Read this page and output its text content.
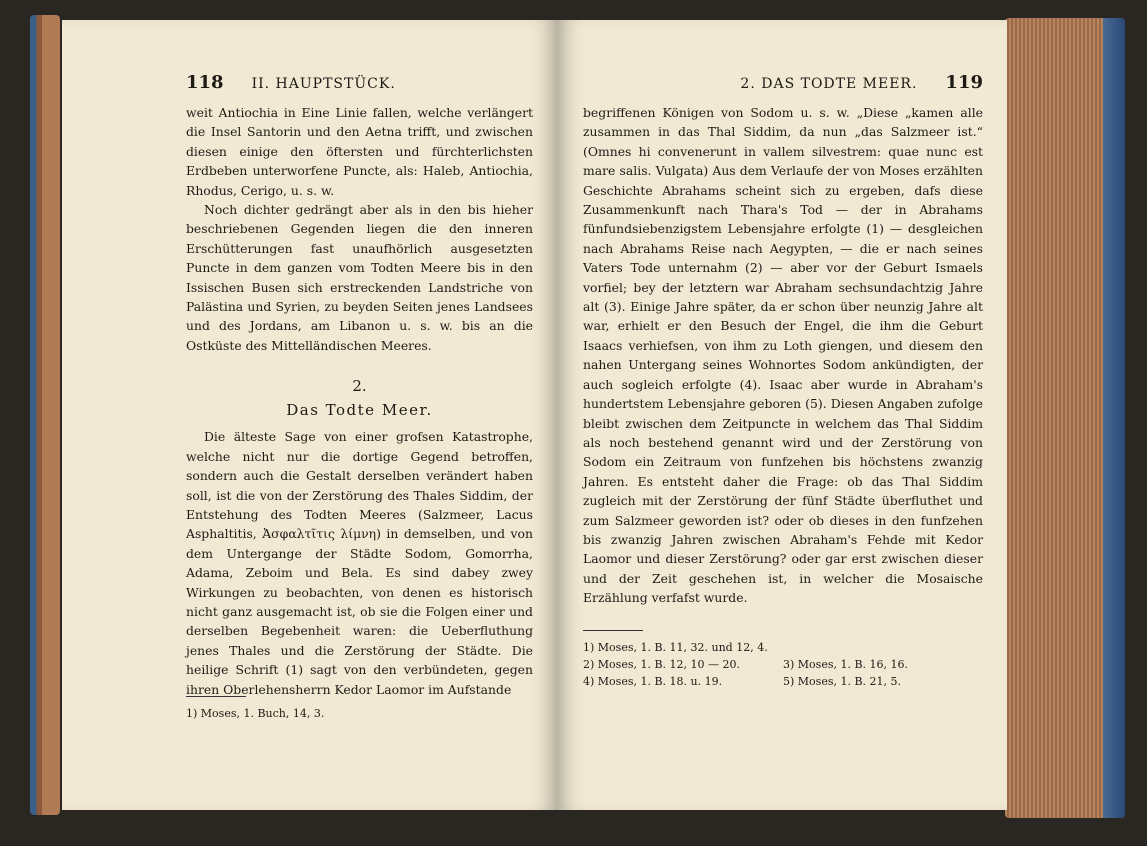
118 II. HAUPTSTÜCK.

weit Antiochia in Eine Linie fallen, welche verlängert die Insel Santorin und den Aetna trifft, und zwischen diesen einige den öftersten und fürchterlichsten Erdbeben unterworfene Puncte, als: Haleb, Antiochia, Rhodus, Cerigo, u. s. w.

Noch dichter gedrängt aber als in den bis hieher beschriebenen Gegenden liegen die den inneren Erschütterungen fast unaufhörlich ausgesetzten Puncte in dem ganzen vom Todten Meere bis in den Issischen Busen sich erstreckenden Landstriche von Palästina und Syrien, zu beyden Seiten jenes Landsees und des Jordans, am Libanon u. s. w. bis an die Ostküste des Mittelländischen Meeres.

2.
Das Todte Meer.

Die älteste Sage von einer grofsen Katastrophe, welche nicht nur die dortige Gegend betroffen, sondern auch die Gestalt derselben verändert haben soll, ist die von der Zerstörung des Thales Siddim, der Entstehung des Todten Meeres (Salzmeer, Lacus Asphaltitis, Ἀσφαλτῖτις λίμνη) in demselben, und von dem Untergange der Städte Sodom, Gomorrha, Adama, Zeboim und Bela. Es sind dabey zwey Wirkungen zu beobachten, von denen es historisch nicht ganz ausgemacht ist, ob sie die Folgen einer und derselben Begebenheit waren: die Ueberfluthung jenes Thales und die Zerstörung der Städte. Die heilige Schrift (1) sagt von den verbündeten, gegen ihren Oberlehensherrn Kedor Laomor im Aufstande

1) Moses, 1. Buch, 14, 3.

2. DAS TODTE MEER. 119

begriffenen Königen von Sodom u. s. w. „Diese „kamen alle zusammen in das Thal Siddim, da nun „das Salzmeer ist.“ (Omnes hi convenerunt in vallem silvestrem: quae nunc est mare salis. Vulgata) Aus dem Verlaufe der von Moses erzählten Geschichte Abrahams scheint sich zu ergeben, dafs diese Zusammenkunft nach Thara's Tod — der in Abrahams fünfundsiebenzigstem Lebensjahre erfolgte (1) — desgleichen nach Abrahams Reise nach Aegypten, — die er nach seines Vaters Tode unternahm (2) — aber vor der Geburt Ismaels vorfiel; bey der letztern war Abraham sechsundachtzig Jahre alt (3). Einige Jahre später, da er schon über neunzig Jahre alt war, erhielt er den Besuch der Engel, die ihm die Geburt Isaacs verhiefsen, von ihm zu Loth giengen, und diesem den nahen Untergang seines Wohnortes Sodom ankündigten, der auch sogleich erfolgte (4). Isaac aber wurde in Abraham's hundertstem Lebensjahre geboren (5). Diesen Angaben zufolge bleibt zwischen dem Zeitpuncte in welchem das Thal Siddim als noch bestehend genannt wird und der Zerstörung von Sodom ein Zeitraum von funfzehen bis höchstens zwanzig Jahren. Es entsteht daher die Frage: ob das Thal Siddim zugleich mit der Zerstörung der fünf Städte überfluthet und zum Salzmeer geworden ist? oder ob dieses in den funfzehen bis zwanzig Jahren zwischen Abraham's Fehde mit Kedor Laomor und dieser Zerstörung? oder gar erst zwischen dieser und der Zeit geschehen ist, in welcher die Mosaische Erzählung verfafst wurde.

1) Moses, 1. B. 11, 32. und 12, 4.

2) Moses, 1. B. 12, 10 — 20.	3) Moses, 1. B. 16, 16.
4) Moses, 1. B. 18. u. 19.	5) Moses, 1. B. 21, 5.
